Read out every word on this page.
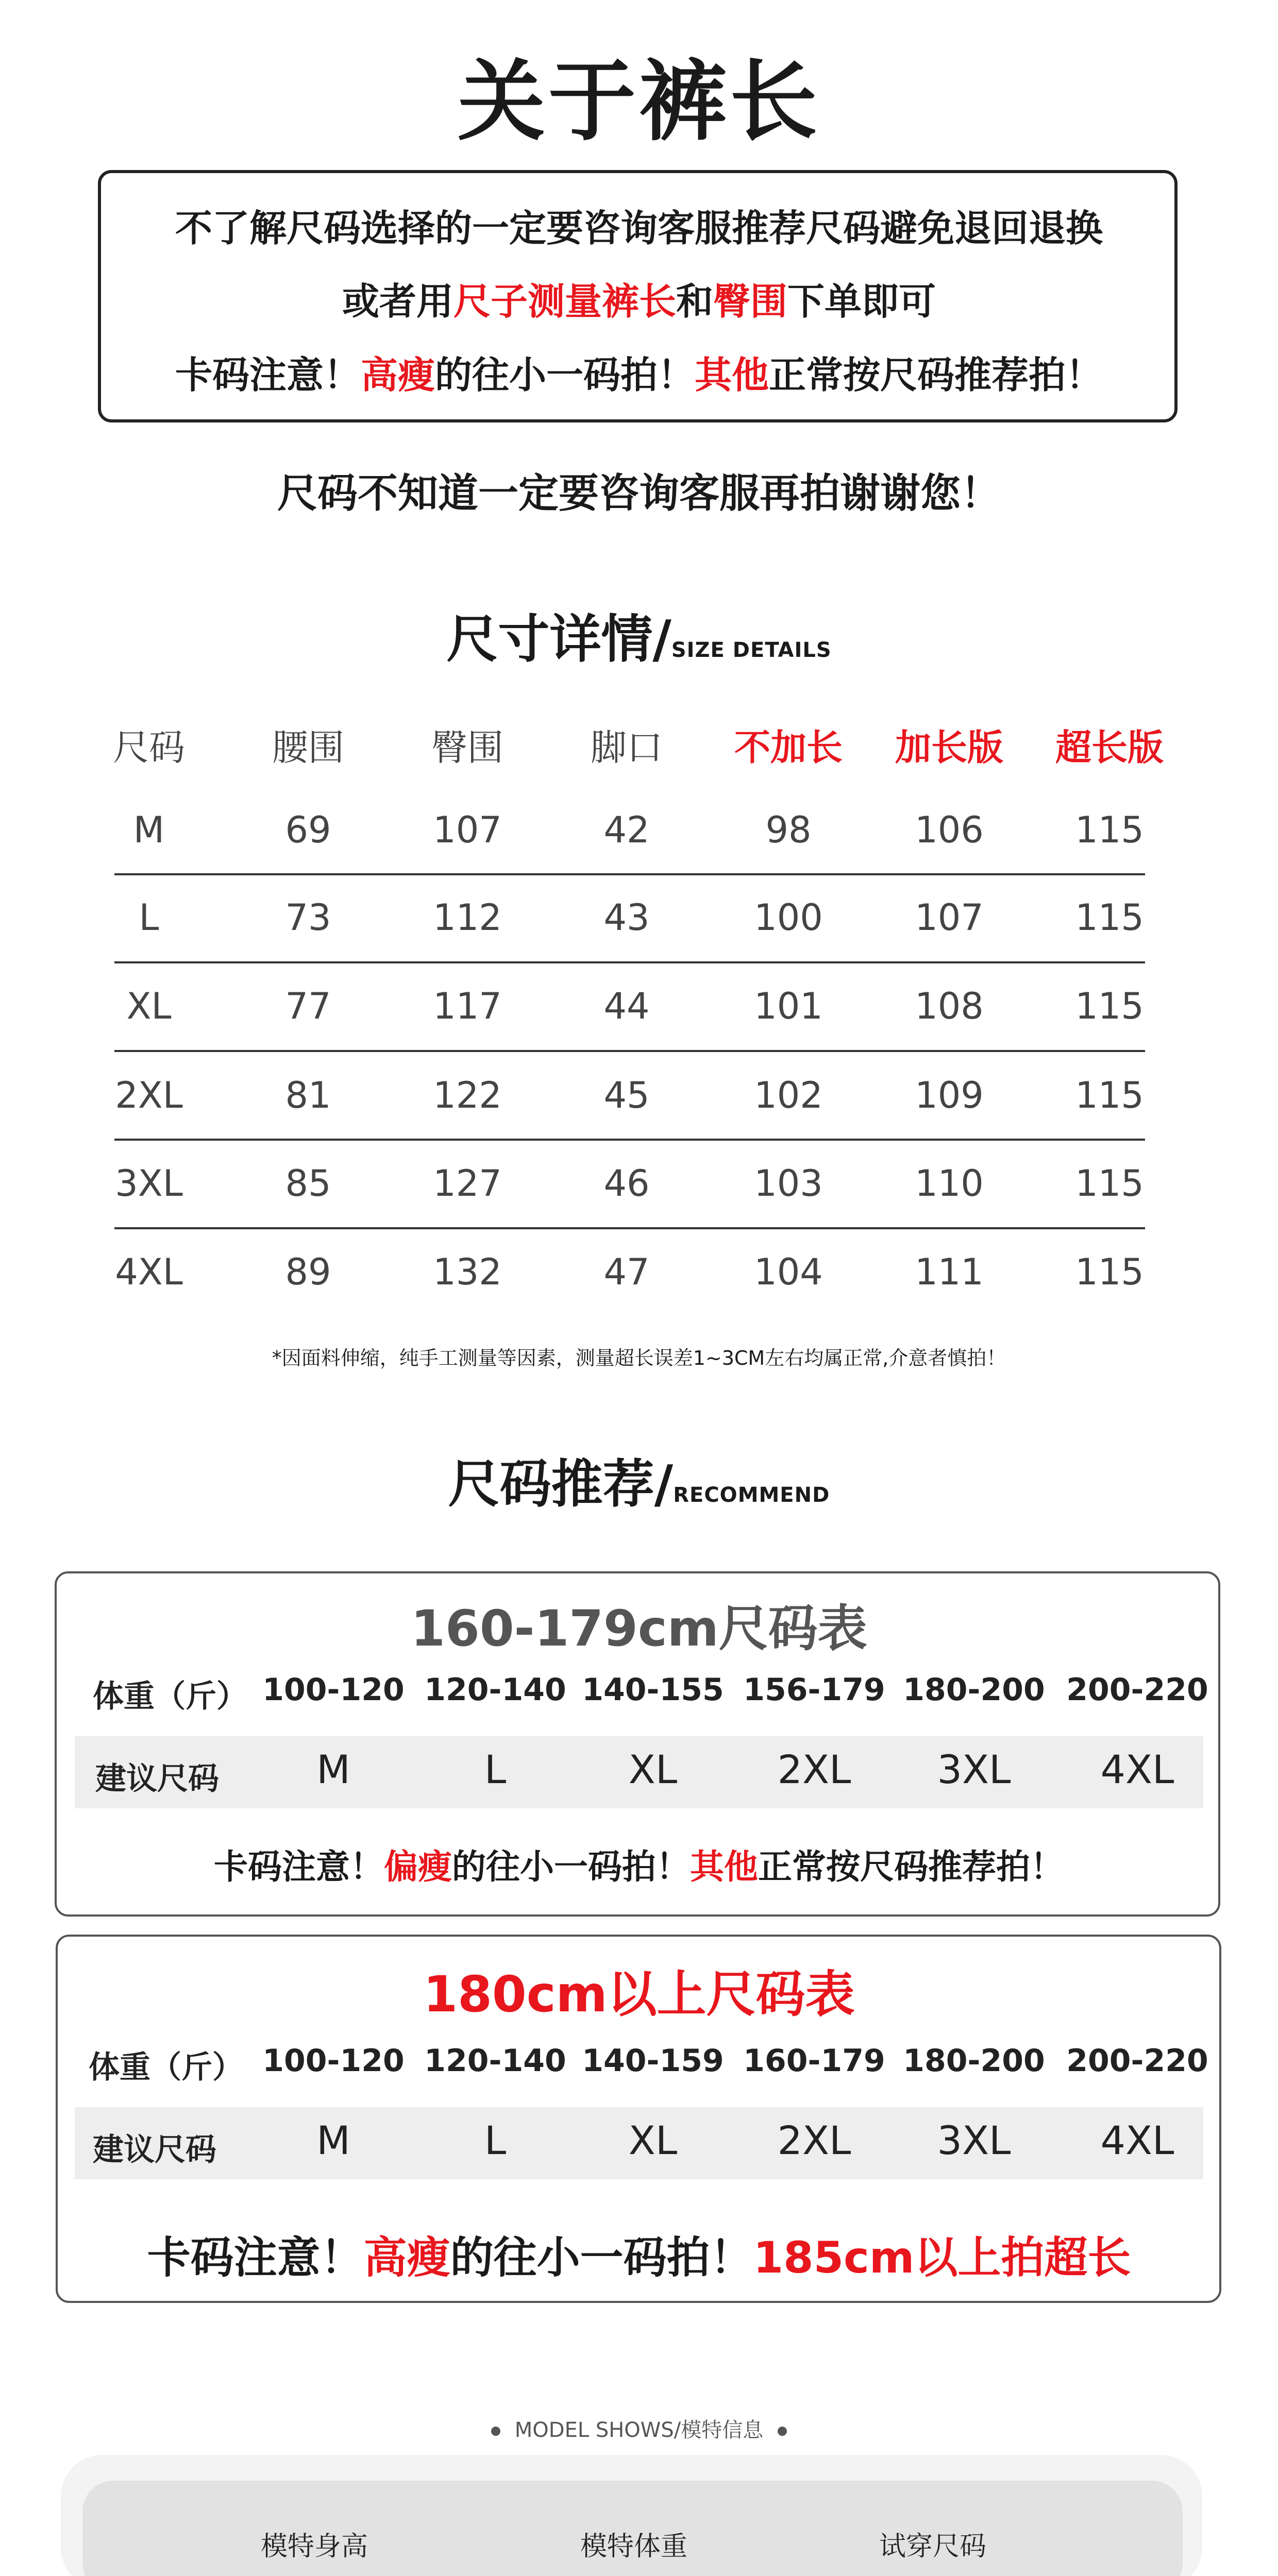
关于裤长
不了解尺码选择的一定要咨询客服推荐尺码避免退回退换
或者用尺子测量裤长和臀围下单即可
卡码注意！高瘦的往小一码拍！其他正常按尺码推荐拍！
尺码不知道一定要咨询客服再拍谢谢您！
尺寸详情/SIZE DETAILS
尺码	腰围	臀围	脚口	不加长	加长版	超长版
M	69	107	42	98	106	115
L	73	112	43	100	107	115
XL	77	117	44	101	108	115
2XL	81	122	45	102	109	115
3XL	85	127	46	103	110	115
4XL	89	132	47	104	111	115
*因面料伸缩，纯手工测量等因素，测量超长误差1~3CM左右均属正常,介意者慎拍！
尺码推荐/RECOMMEND
160-179cm尺码表
体重（斤）
建议尺码
100-120 120-140 140-155 156-179 180-200 200-220
M	L	XL	2XL	3XL	4XL
卡码注意！偏瘦的往小一码拍！其他正常按尺码推荐拍！
180cm以上尺码表
体重（斤）
建议尺码
100-120 120-140 140-159 160-179 180-200 200-220
M	L	XL	2XL	3XL	4XL
卡码注意！高瘦的往小一码拍！185cm以上拍超长
MODEL SHOWS/模特信息
模特身高	模特体重	试穿尺码
